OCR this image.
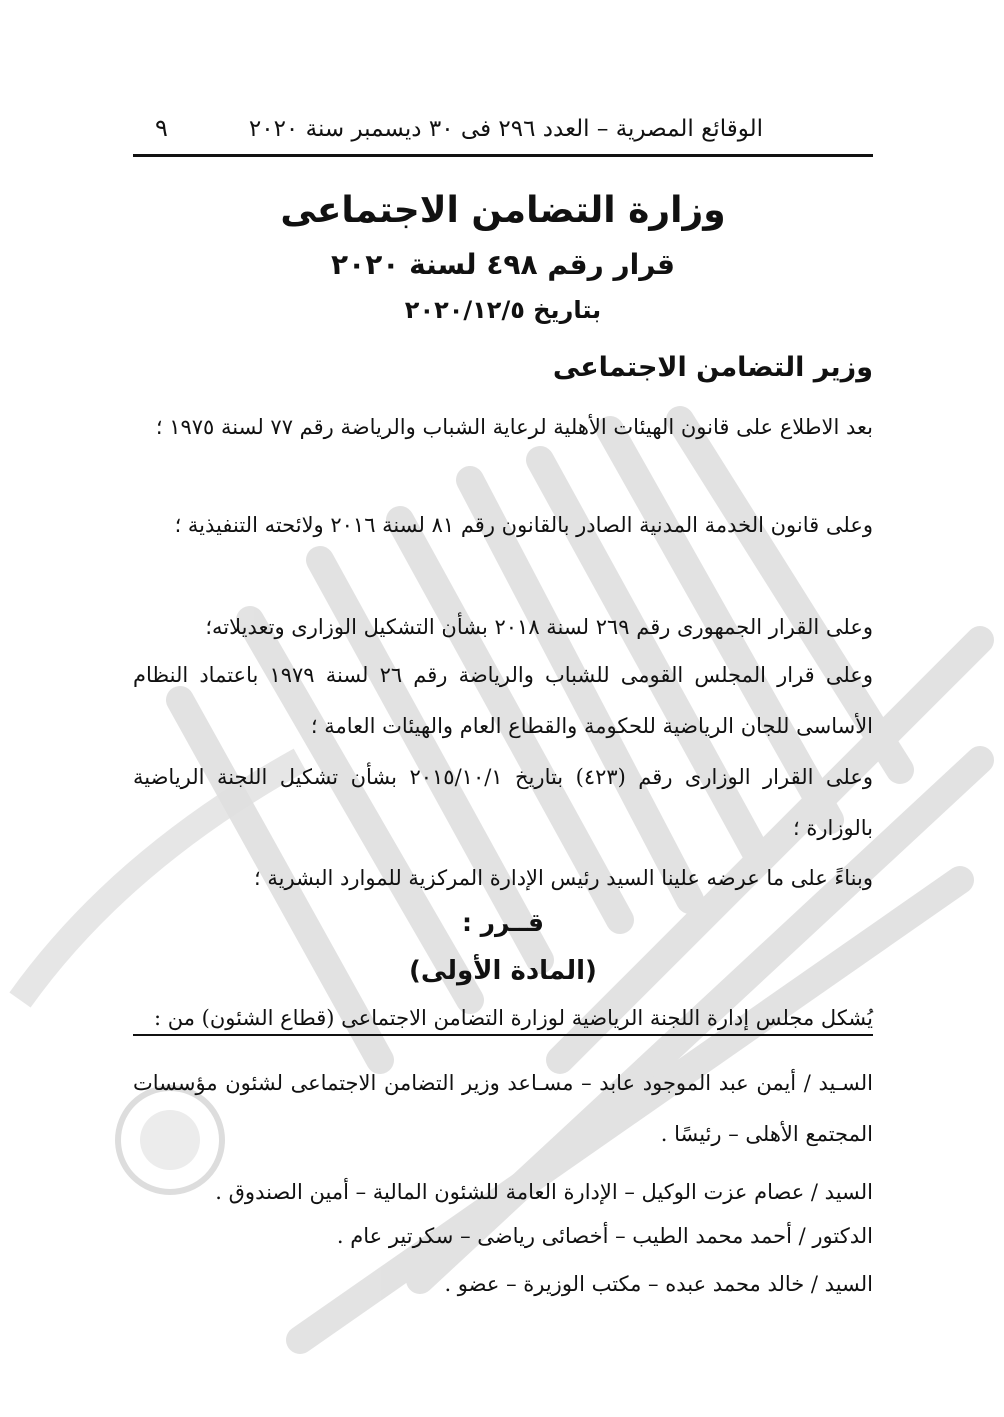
الوقائع المصرية – العدد ٢٩٦ فى ٣٠ ديسمبر سنة ٢٠٢٠
٩
وزارة التضامن الاجتماعى
قرار رقم ٤٩٨ لسنة ٢٠٢٠
بتاريخ ٢٠٢٠/١٢/٥
وزير التضامن الاجتماعى
بعد الاطلاع على قانون الهيئات الأهلية لرعاية الشباب والرياضة رقم ٧٧ لسنة ١٩٧٥ ؛
وعلى قانون الخدمة المدنية الصادر بالقانون رقم ٨١ لسنة ٢٠١٦ ولائحته التنفيذية ؛
وعلى القرار الجمهورى رقم ٢٦٩ لسنة ٢٠١٨ بشأن التشكيل الوزارى وتعديلاته؛
وعلى قرار المجلس القومى للشباب والرياضة رقم ٢٦ لسنة ١٩٧٩ باعتماد النظام الأساسى للجان الرياضية للحكومة والقطاع العام والهيئات العامة ؛
وعلى القرار الوزارى رقم (٤٢٣) بتاريخ ٢٠١٥/١٠/١ بشأن تشكيل اللجنة الرياضية بالوزارة ؛
وبناءً على ما عرضه علينا السيد رئيس الإدارة المركزية للموارد البشرية ؛
قــرر :
(المادة الأولى)
يُشكل مجلس إدارة اللجنة الرياضية لوزارة التضامن الاجتماعى (قطاع الشئون) من :
السـيد / أيمن عبد الموجود عابد – مسـاعد وزير التضامن الاجتماعى لشئون مؤسسات المجتمع الأهلى – رئيسًا .
السيد / عصام عزت الوكيل – الإدارة العامة للشئون المالية – أمين الصندوق .
الدكتور / أحمد محمد الطيب – أخصائى رياضى – سكرتير عام .
السيد / خالد محمد عبده – مكتب الوزيرة – عضو .
